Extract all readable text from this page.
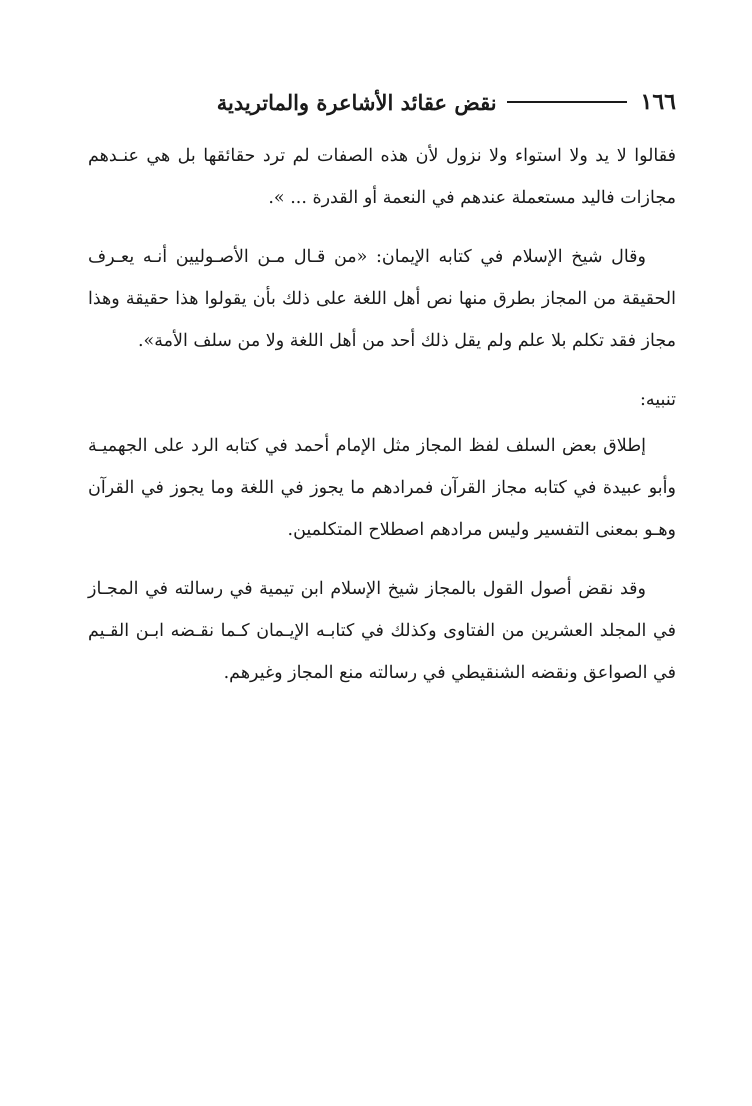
١٦٦
نقض عقائد الأشاعرة والماتريدية

فقالوا لا يد ولا استواء ولا نزول لأن هذه الصفات لم ترد حقائقها بل هي عنـدهم مجازات فاليد مستعملة عندهم في النعمة أو القدرة ... ».

وقال شيخ الإسلام في كتابه الإيمان: «من قـال مـن الأصـوليين أنـه يعـرف الحقيقة من المجاز بطرق منها نص أهل اللغة على ذلك بأن يقولوا هذا حقيقة وهذا مجاز فقد تكلم بلا علم ولم يقل ذلك أحد من أهل اللغة ولا من سلف الأمة».

تنبيه:

إطلاق بعض السلف لفظ المجاز مثل الإمام أحمد في كتابه الرد على الجهميـة وأبو عبيدة في كتابه مجاز القرآن فمرادهم ما يجوز في اللغة وما يجوز في القرآن وهـو بمعنى التفسير وليس مرادهم اصطلاح المتكلمين.

وقد نقض أصول القول بالمجاز شيخ الإسلام ابن تيمية في رسالته في المجـاز في المجلد العشرين من الفتاوى وكذلك في كتابـه الإيـمان كـما نقـضه ابـن القـيم في الصواعق ونقضه الشنقيطي في رسالته منع المجاز وغيرهم.
